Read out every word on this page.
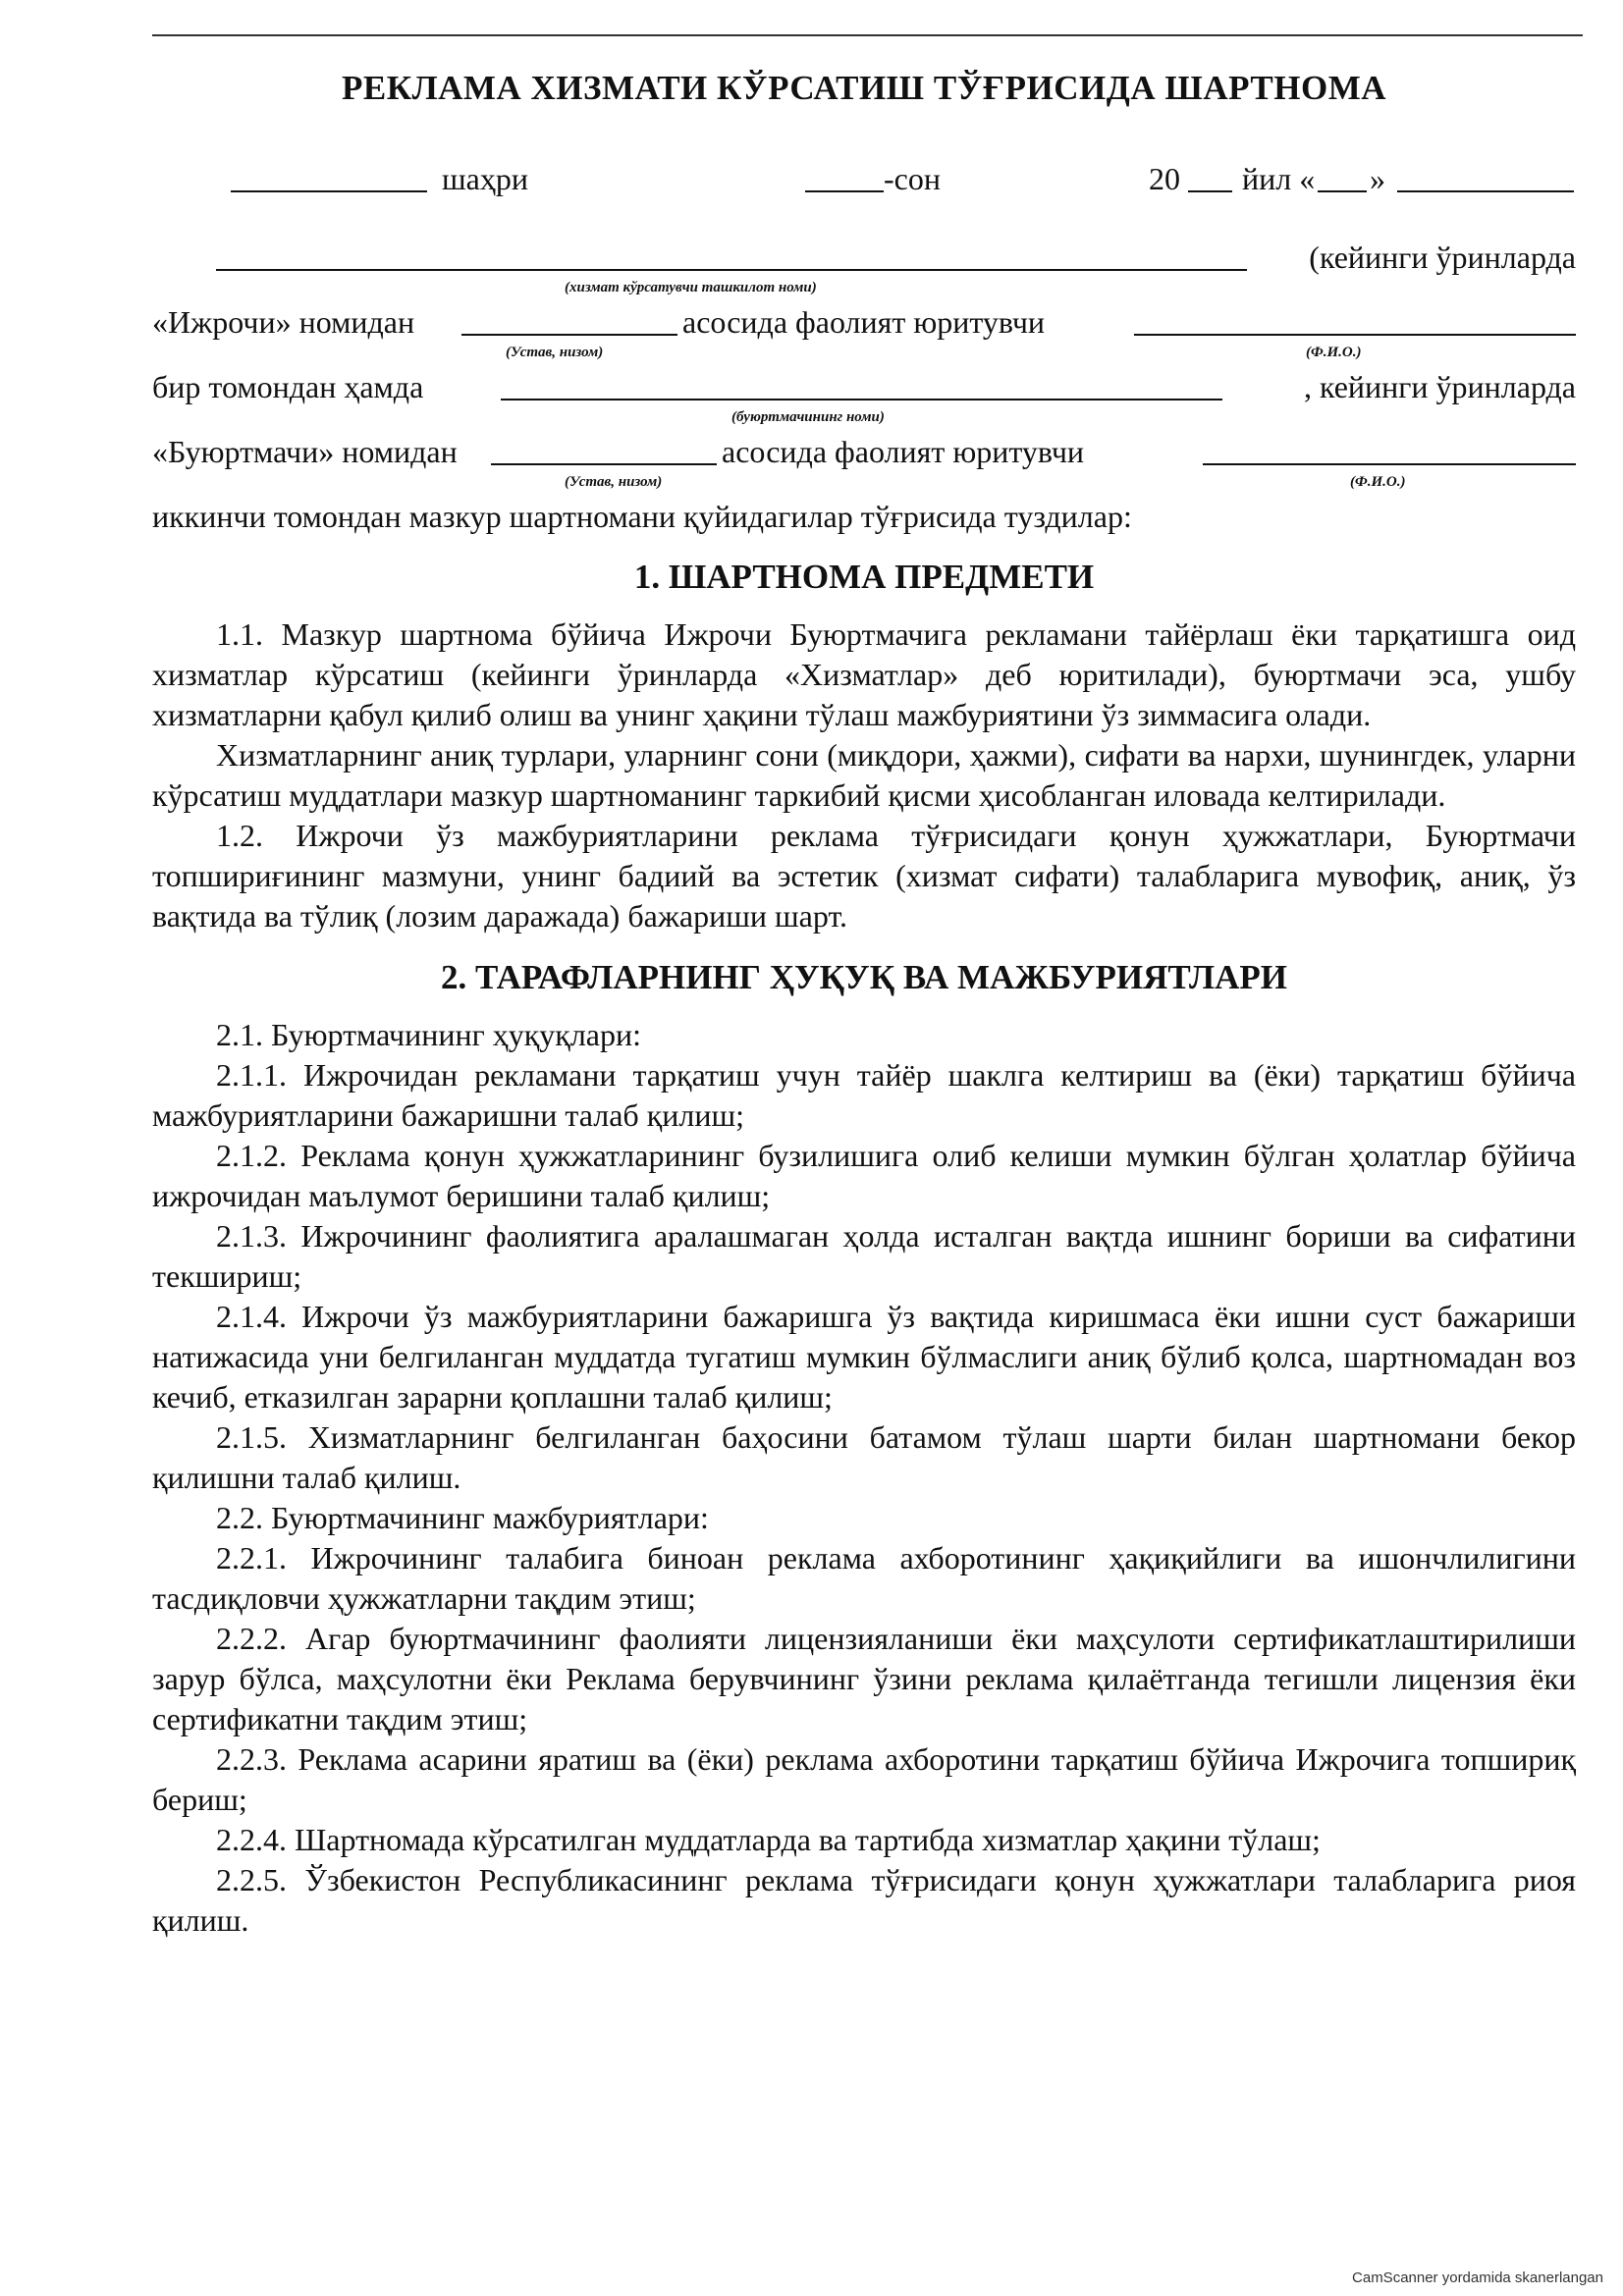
РЕКЛАМА ХИЗМАТИ КЎРСАТИШ ТЎҒРИСИДА ШАРТНОМА
шаҳри	-сон	20 йил « »
(кейинги ўринларда
(хизмат кўрсатувчи ташкилот номи)
«Ижрочи» номидан	асосида фаолият юритувчи
(Устав, низом)	(Ф.И.О.)
бир томондан ҳамда	, кейинги ўринларда
(буюртмачининг номи)
«Буюртмачи» номидан	асосида фаолият юритувчи
(Устав, низом)	(Ф.И.О.)
иккинчи томондан мазкур шартномани қуйидагилар тўғрисида туздилар:
1. ШАРТНОМА ПРЕДМЕТИ

1.1. Мазкур шартнома бўйича Ижрочи Буюртмачига рекламани тайёрлаш ёки тарқатишга оид хизматлар кўрсатиш (кейинги ўринларда «Хизматлар» деб юритилади), буюртмачи эса, ушбу хизматларни қабул қилиб олиш ва унинг ҳақини тўлаш мажбуриятини ўз зиммасига олади.

Хизматларнинг аниқ турлари, уларнинг сони (миқдори, ҳажми), сифати ва нархи, шунингдек, уларни кўрсатиш муддатлари мазкур шартноманинг таркибий қисми ҳисобланган иловада келтирилади.

1.2. Ижрочи ўз мажбуриятларини реклама тўғрисидаги қонун ҳужжатлари, Буюртмачи топшириғининг мазмуни, унинг бадиий ва эстетик (хизмат сифати) талабларига мувофиқ, аниқ, ўз вақтида ва тўлиқ (лозим даражада) бажариши шарт.

2. ТАРАФЛАРНИНГ ҲУҚУҚ ВА МАЖБУРИЯТЛАРИ

2.1. Буюртмачининг ҳуқуқлари:

2.1.1. Ижрочидан рекламани тарқатиш учун тайёр шаклга келтириш ва (ёки) тарқатиш бўйича мажбуриятларини бажаришни талаб қилиш;

2.1.2. Реклама қонун ҳужжатларининг бузилишига олиб келиши мумкин бўлган ҳолатлар бўйича ижрочидан маълумот беришини талаб қилиш;

2.1.3. Ижрочининг фаолиятига аралашмаган ҳолда исталган вақтда ишнинг бориши ва сифатини текшириш;

2.1.4. Ижрочи ўз мажбуриятларини бажаришга ўз вақтида киришмаса ёки ишни суст бажариши натижасида уни белгиланган муддатда тугатиш мумкин бўлмаслиги аниқ бўлиб қолса, шартномадан воз кечиб, етказилган зарарни қоплашни талаб қилиш;

2.1.5. Хизматларнинг белгиланган баҳосини батамом тўлаш шарти билан шартномани бекор қилишни талаб қилиш.

2.2. Буюртмачининг мажбуриятлари:

2.2.1. Ижрочининг талабига биноан реклама ахборотининг ҳақиқийлиги ва ишончлилигини тасдиқловчи ҳужжатларни тақдим этиш;

2.2.2. Агар буюртмачининг фаолияти лицензияланиши ёки маҳсулоти сертификатлаштирилиши зарур бўлса, маҳсулотни ёки Реклама берувчининг ўзини реклама қилаётганда тегишли лицензия ёки сертификатни тақдим этиш;

2.2.3. Реклама асарини яратиш ва (ёки) реклама ахборотини тарқатиш бўйича Ижрочига топшириқ бериш;

2.2.4. Шартномада кўрсатилган муддатларда ва тартибда хизматлар ҳақини тўлаш;

2.2.5. Ўзбекистон Республикасининг реклама тўғрисидаги қонун ҳужжатлари талабларига риоя қилиш.

CamScanner yordamida skanerlangan
